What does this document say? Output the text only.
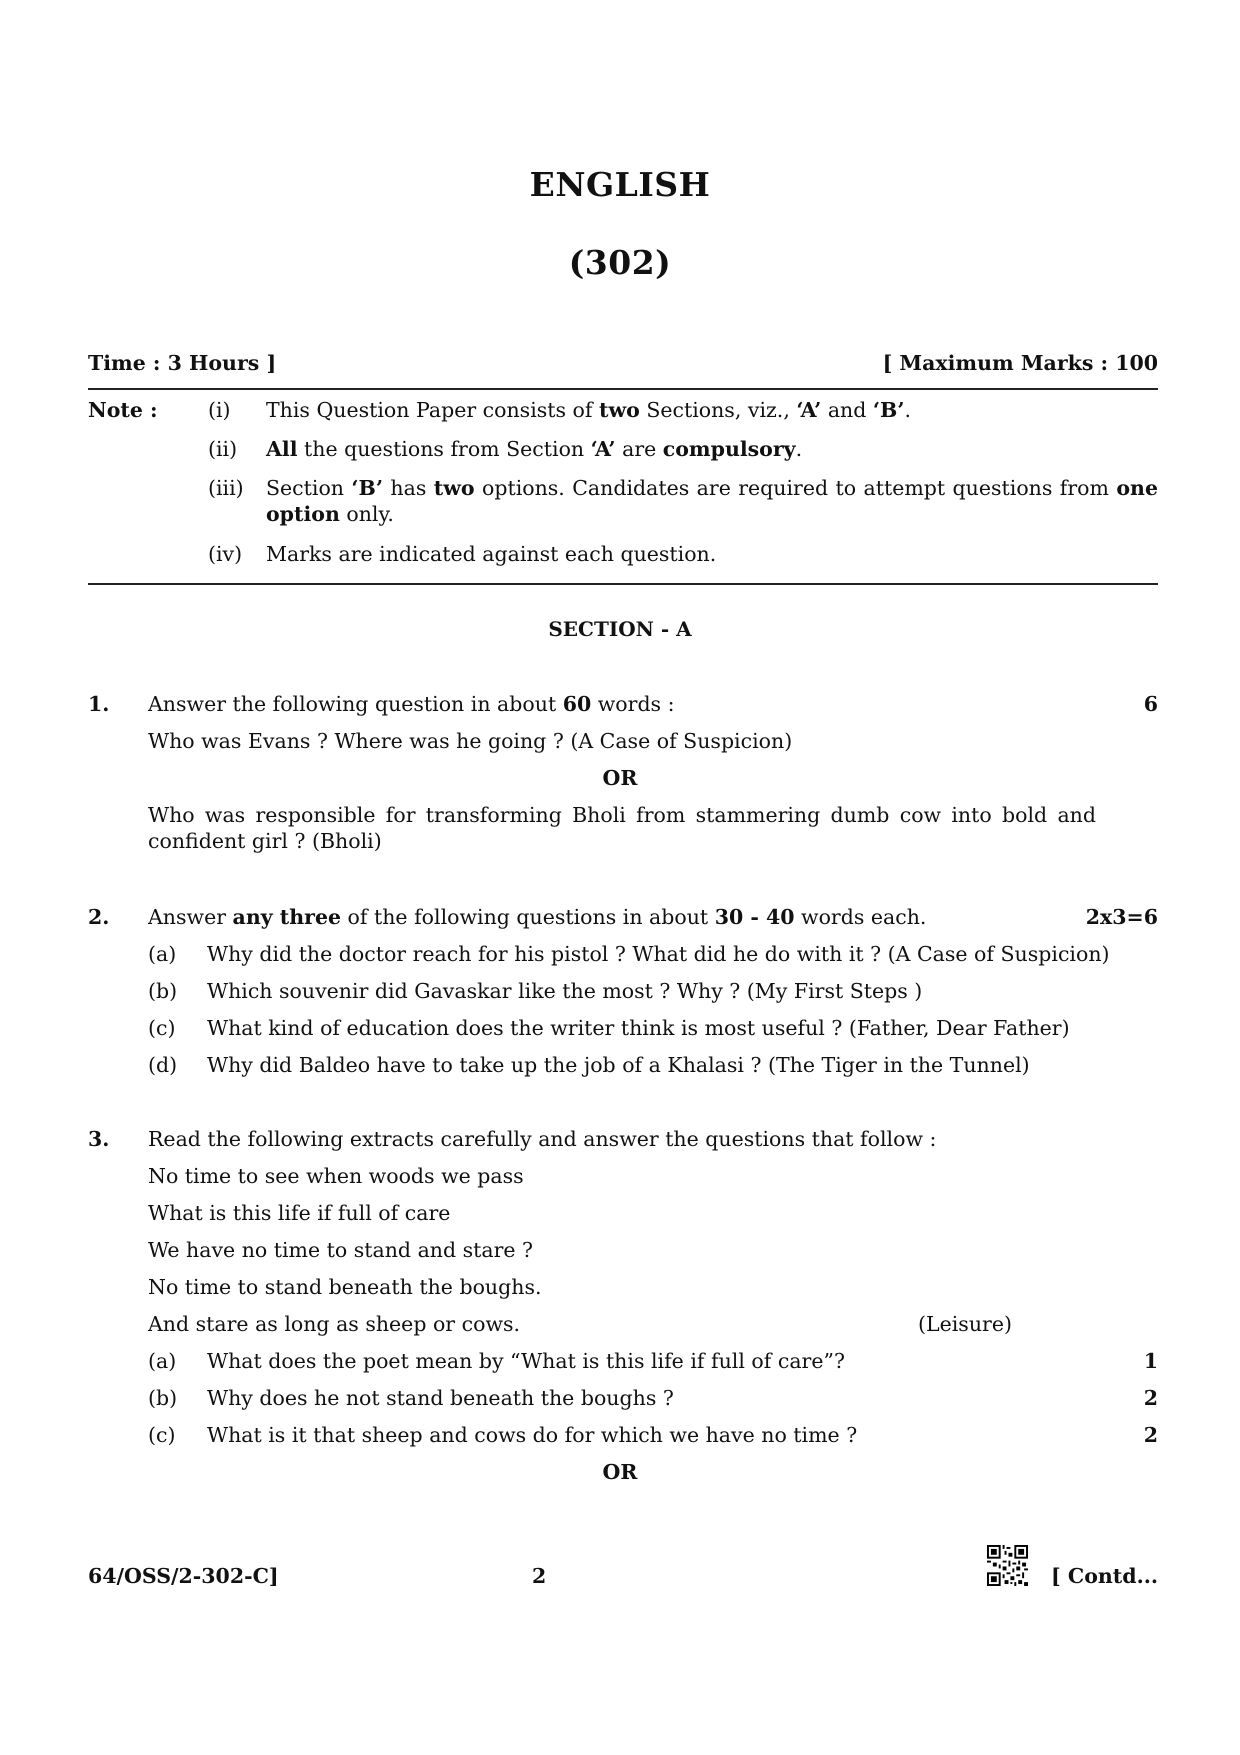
ENGLISH
(302)
Time : 3 Hours ]	[ Maximum Marks : 100
Note : (i) This Question Paper consists of two Sections, viz., ‘A’ and ‘B’.
(ii) All the questions from Section ‘A’ are compulsory.
(iii) Section ‘B’ has two options. Candidates are required to attempt questions from one option only.
(iv) Marks are indicated against each question.
SECTION - A
1. Answer the following question in about 60 words :	6
Who was Evans ? Where was he going ? (A Case of Suspicion)
OR
Who was responsible for transforming Bholi from stammering dumb cow into bold and confident girl ? (Bholi)
2. Answer any three of the following questions in about 30 - 40 words each.	2x3=6
(a) Why did the doctor reach for his pistol ? What did he do with it ? (A Case of Suspicion)
(b) Which souvenir did Gavaskar like the most ? Why ? (My First Steps )
(c) What kind of education does the writer think is most useful ? (Father, Dear Father)
(d) Why did Baldeo have to take up the job of a Khalasi ? (The Tiger in the Tunnel)
3. Read the following extracts carefully and answer the questions that follow :
No time to see when woods we pass
What is this life if full of care
We have no time to stand and stare ?
No time to stand beneath the boughs.
And stare as long as sheep or cows.	(Leisure)
(a) What does the poet mean by “What is this life if full of care”?	1
(b) Why does he not stand beneath the boughs ?	2
(c) What is it that sheep and cows do for which we have no time ?	2
OR
64/OSS/2-302-C]	2	[ Contd...
